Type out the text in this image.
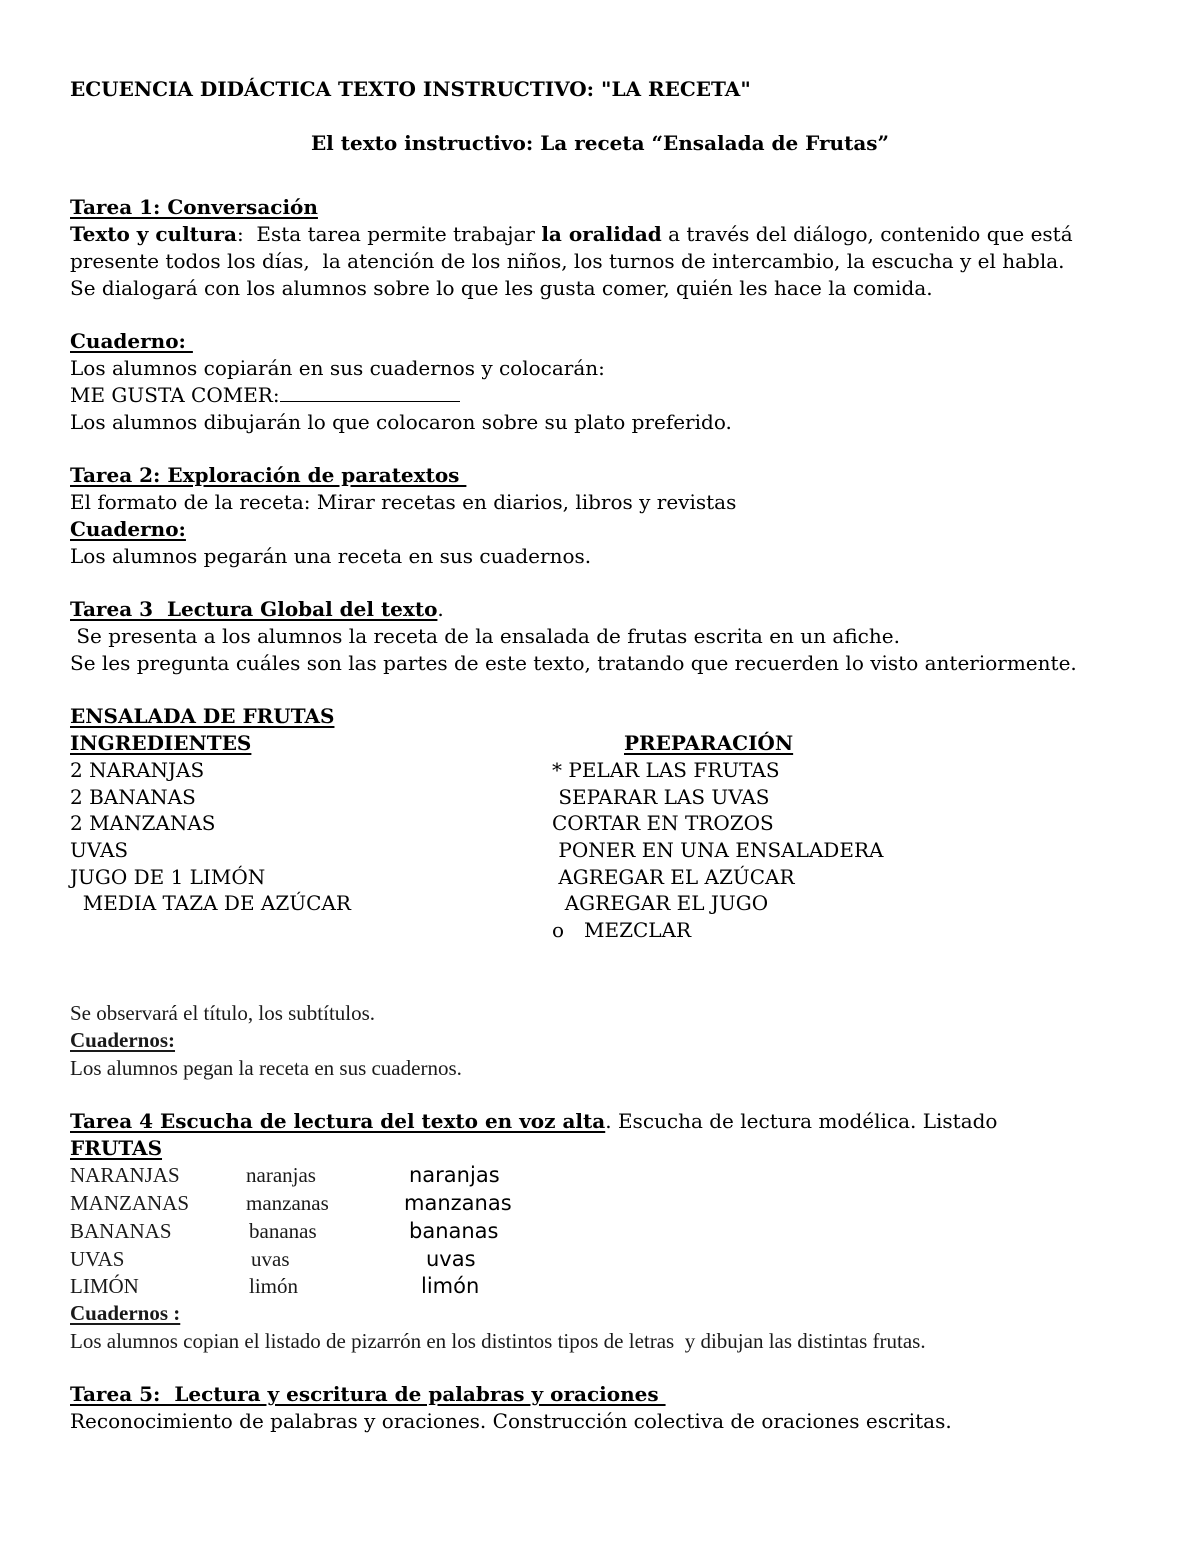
ECUENCIA DIDÁCTICA TEXTO INSTRUCTIVO: "LA RECETA"
El texto instructivo: La receta “Ensalada de Frutas”
Tarea 1: Conversación
Texto y cultura:  Esta tarea permite trabajar la oralidad a través del diálogo, contenido que está
presente todos los días,  la atención de los niños, los turnos de intercambio, la escucha y el habla.
Se dialogará con los alumnos sobre lo que les gusta comer, quién les hace la comida.
Cuaderno:
Los alumnos copiarán en sus cuadernos y colocarán:
ME GUSTA COMER:
Los alumnos dibujarán lo que colocaron sobre su plato preferido.
Tarea 2: Exploración de paratextos
El formato de la receta: Mirar recetas en diarios, libros y revistas
Cuaderno:
Los alumnos pegarán una receta en sus cuadernos.
Tarea 3  Lectura Global del texto.
Se presenta a los alumnos la receta de la ensalada de frutas escrita en un afiche.
Se les pregunta cuáles son las partes de este texto, tratando que recuerden lo visto anteriormente.
ENSALADA DE FRUTAS
INGREDIENTES	PREPARACIÓN
2 NARANJAS
2 BANANAS
2 MANZANAS
UVAS
JUGO DE 1 LIMÓN
MEDIA TAZA DE AZÚCAR
* PELAR LAS FRUTAS
SEPARAR LAS UVAS
CORTAR EN TROZOS
PONER EN UNA ENSALADERA
AGREGAR EL AZÚCAR
AGREGAR EL JUGO
o MEZCLAR
Se observará el título, los subtítulos.
Cuadernos:
Los alumnos pegan la receta en sus cuadernos.
Tarea 4 Escucha de lectura del texto en voz alta. Escucha de lectura modélica. Listado
FRUTAS
NARANJAS
MANZANAS
BANANAS
UVAS
LIMÓN
naranjas
manzanas
bananas
uvas
limón
naranjas
manzanas
bananas
uvas
limón
Cuadernos :
Los alumnos copian el listado de pizarrón en los distintos tipos de letras  y dibujan las distintas frutas.
Tarea 5:  Lectura y escritura de palabras y oraciones
Reconocimiento de palabras y oraciones. Construcción colectiva de oraciones escritas.
